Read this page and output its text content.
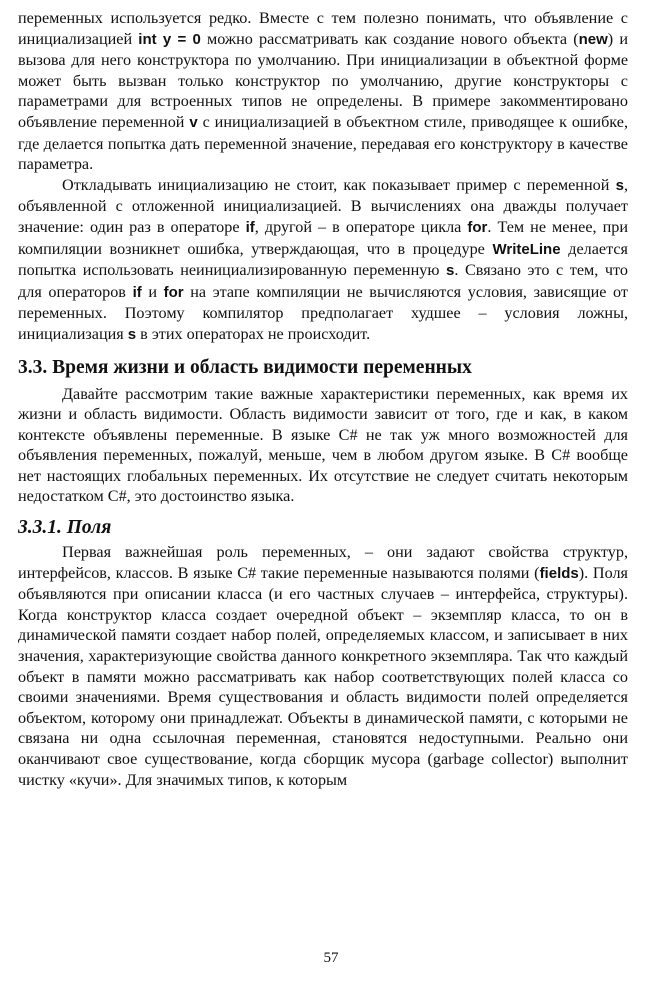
переменных используется редко. Вместе с тем полезно понимать, что объявление с инициализацией int y = 0 можно рассматривать как создание нового объекта (new) и вызова для него конструктора по умолчанию. При инициализации в объектной форме может быть вызван только конструктор по умолчанию, другие конструкторы с параметрами для встроенных типов не определены. В примере закомментировано объявление переменной v с инициализацией в объектном стиле, приводящее к ошибке, где делается попытка дать переменной значение, передавая его конструктору в качестве параметра.

Откладывать инициализацию не стоит, как показывает пример с переменной s, объявленной с отложенной инициализацией. В вычислениях она дважды получает значение: один раз в операторе if, другой – в операторе цикла for. Тем не менее, при компиляции возникнет ошибка, утверждающая, что в процедуре WriteLine делается попытка использовать неинициализированную переменную s. Связано это с тем, что для операторов if и for на этапе компиляции не вычисляются условия, зависящие от переменных. Поэтому компилятор предполагает худшее – условия ложны, инициализация s в этих операторах не происходит.

3.3. Время жизни и область видимости переменных

Давайте рассмотрим такие важные характеристики переменных, как время их жизни и область видимости. Область видимости зависит от того, где и как, в каком контексте объявлены переменные. В языке C# не так уж много возможностей для объявления переменных, пожалуй, меньше, чем в любом другом языке. В C# вообще нет настоящих глобальных переменных. Их отсутствие не следует считать некоторым недостатком C#, это достоинство языка.

3.3.1. Поля

Первая важнейшая роль переменных, – они задают свойства структур, интерфейсов, классов. В языке C# такие переменные называются полями (fields). Поля объявляются при описании класса (и его частных случаев – интерфейса, структуры). Когда конструктор класса создает очередной объект – экземпляр класса, то он в динамической памяти создает набор полей, определяемых классом, и записывает в них значения, характеризующие свойства данного конкретного экземпляра. Так что каждый объект в памяти можно рассматривать как набор соответствующих полей класса со своими значениями. Время существования и область видимости полей определяется объектом, которому они принадлежат. Объекты в динамической памяти, с которыми не связана ни одна ссылочная переменная, становятся недоступными. Реально они оканчивают свое существование, когда сборщик мусора (garbage collector) выполнит чистку «кучи». Для значимых типов, к которым

57
